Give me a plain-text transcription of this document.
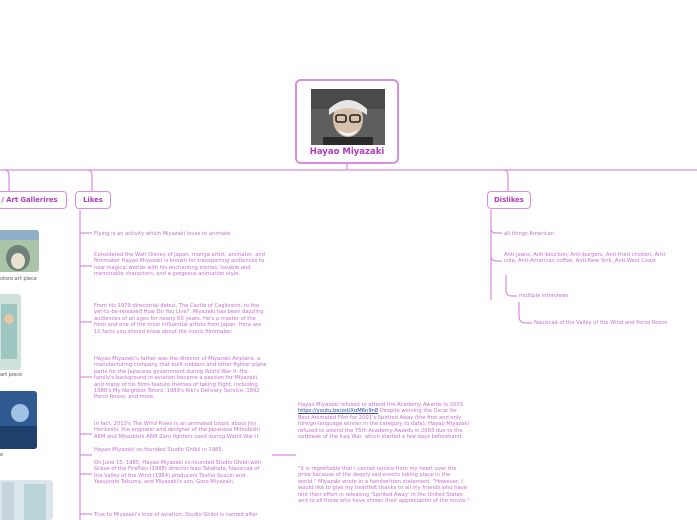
Hayao Miyazaki
/ Art Gallerires	Likes	Dislikes
otoro art piece
art piece
e
Flying is an activity which Miyazaki loves to animate
Considered the Walt Disney of Japan, manga artist, animator, and filmmaker Hayao Miyazaki is known for transporting audiences to new magical worlds with his enchanting stories, lovable and memorable characters, and a gorgeous animation style.
From his 1979 directorial debut, The Castle of Cagliostro, to the yet-to-be-released How Do You Live?, Miyazaki has been dazzling audiences of all ages for nearly 60 years. He's a master of the form and one of the most influential artists from Japan. Here are 11 facts you should know about the iconic filmmaker.
Hayao Miyazaki's father was the director of Miyazaki Airplane, a manufacturing company that built rudders and other fighter plane parts for the Japanese government during World War II. His family's background in aviation became a passion for Miyazaki, and many of his films feature themes of taking flight, including 1988's My Neighbor Totoro, 1989's Kiki's Delivery Service, 1992 Porco Rosso, and more.
In fact, 2013's The Wind Rises is an animated biopic about Jiro Horikoshi, the engineer and designer of the Japanese Mitsubishi A5M and Mitsubishi A6M Zero fighters used during World War II.
Hayao Miyazaki co-founded Studio Ghibli in 1985.
On June 15, 1985, Hayao Miyazaki co-founded Studio Ghibli with Grave of the Fireflies (1988) director Isao Takahata, Nausicaä of the Valley of the Wind (1984) producers Toshio Suzuki and Yasuyoshi Tokuma, and Miyazaki's son, Goro Miyazaki.
True to Miyazaki's love of aviation, Studio Ghibli is named after
Hayao Miyazaki refused to attend the Academy Awards in 2003. https://youtu.be/zsUXoM6n9n8 Despite winning the Oscar for Best Animated Film for 2001's Spirited Away (the first and only foreign-language winner in the category to date), Hayao Miyazaki refused to attend the 75th Academy Awards in 2003 due to the outbreak of the Iraq War, which started a few days beforehand.
"It is regrettable that I cannot rejoice from my heart over the prize because of the deeply sad events taking place in the world," Miyazaki wrote in a handwritten statement. "However, I would like to give my heartfelt thanks to all my friends who have lent their effort in releasing 'Spirited Away' in the United States and to all those who have shown their appreciation of the movie."
all things American
Anti-jeans, Anti-bourbon, Anti-burgers, Anti-fried chicken, Anti-cola, Anti-American coffee, Anti-New York, Anti-West Coast
multiple interviews
Nausicaä of the Valley of the Wind and Porco Rosso
